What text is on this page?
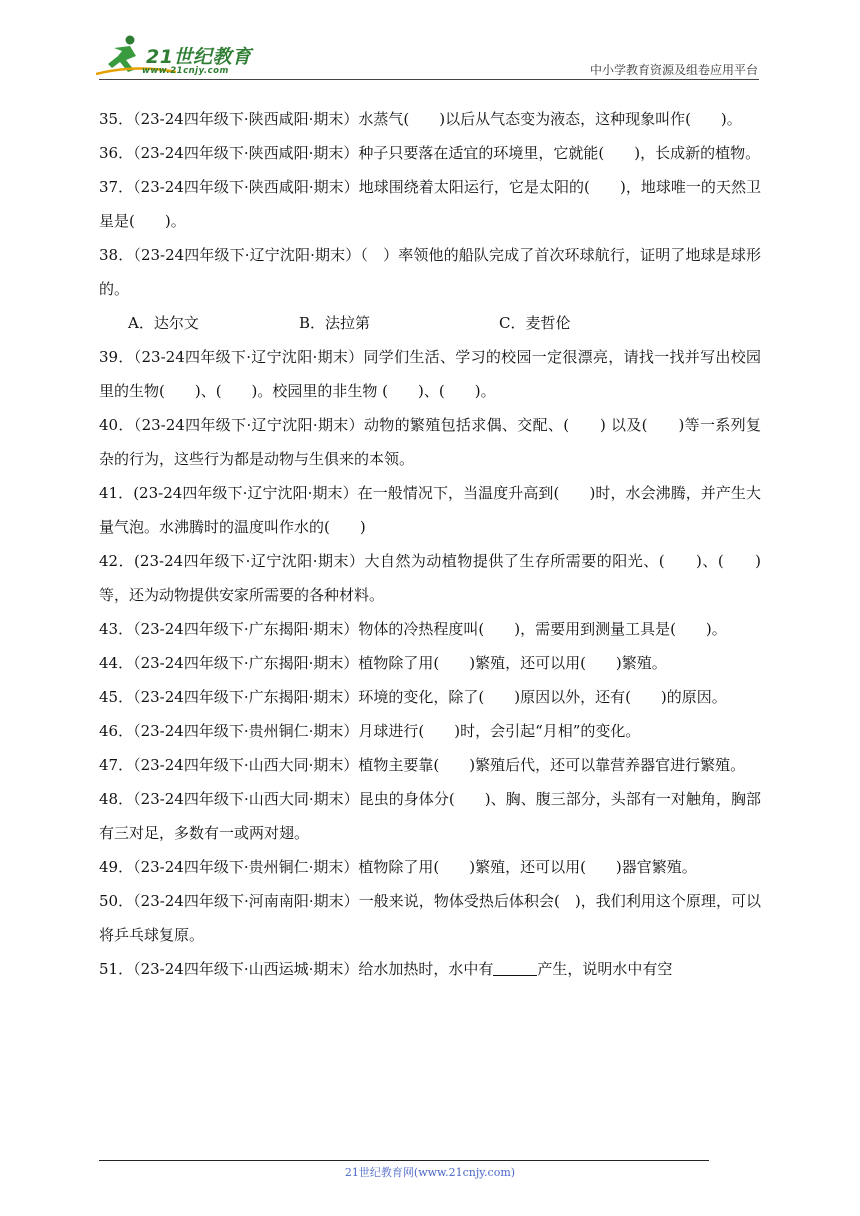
21世纪教育
www.21cnjy.com	中小学教育资源及组卷应用平台
35．（23-24四年级下·陕西咸阳·期末）水蒸气(　　)以后从气态变为液态，这种现象叫作(　　)。
36．（23-24四年级下·陕西咸阳·期末）种子只要落在适宜的环境里，它就能(　　)，长成新的植物。
37．（23-24四年级下·陕西咸阳·期末）地球围绕着太阳运行，它是太阳的(　　)，地球唯一的天然卫星是(　　)。
38．（23-24四年级下·辽宁沈阳·期末）（　）率领他的船队完成了首次环球航行，证明了地球是球形的。
A．达尔文	B．法拉第	C．麦哲伦
39．（23-24四年级下·辽宁沈阳·期末）同学们生活、学习的校园一定很漂亮，请找一找并写出校园里的生物(　　)、(　　)。校园里的非生物 (　　)、(　　)。
40．（23-24四年级下·辽宁沈阳·期末）动物的繁殖包括求偶、交配、(　　) 以及(　　)等一系列复杂的行为，这些行为都是动物与生俱来的本领。
41．(23-24四年级下·辽宁沈阳·期末）在一般情况下，当温度升高到(　　)时，水会沸腾，并产生大量气泡。水沸腾时的温度叫作水的(　　)
42．(23-24四年级下·辽宁沈阳·期末）大自然为动植物提供了生存所需要的阳光、(　　)、(　　)等，还为动物提供安家所需要的各种材料。
43．（23-24四年级下·广东揭阳·期末）物体的冷热程度叫(　　)，需要用到测量工具是(　　)。
44．（23-24四年级下·广东揭阳·期末）植物除了用(　　)繁殖，还可以用(　　)繁殖。
45．（23-24四年级下·广东揭阳·期末）环境的变化，除了(　　)原因以外，还有(　　)的原因。
46．（23-24四年级下·贵州铜仁·期末）月球进行(　　)时，会引起“月相”的变化。
47．（23-24四年级下·山西大同·期末）植物主要靠(　　)繁殖后代，还可以靠营养器官进行繁殖。
48．（23-24四年级下·山西大同·期末）昆虫的身体分(　　)、胸、腹三部分，头部有一对触角，胸部有三对足，多数有一或两对翅。
49．（23-24四年级下·贵州铜仁·期末）植物除了用(　　)繁殖，还可以用(　　)器官繁殖。
50．（23-24四年级下·河南南阳·期末）一般来说，物体受热后体积会(　)，我们利用这个原理，可以将乒乓球复原。
51．（23-24四年级下·山西运城·期末）给水加热时，水中有	产生，说明水中有空
21世纪教育网(www.21cnjy.com)
